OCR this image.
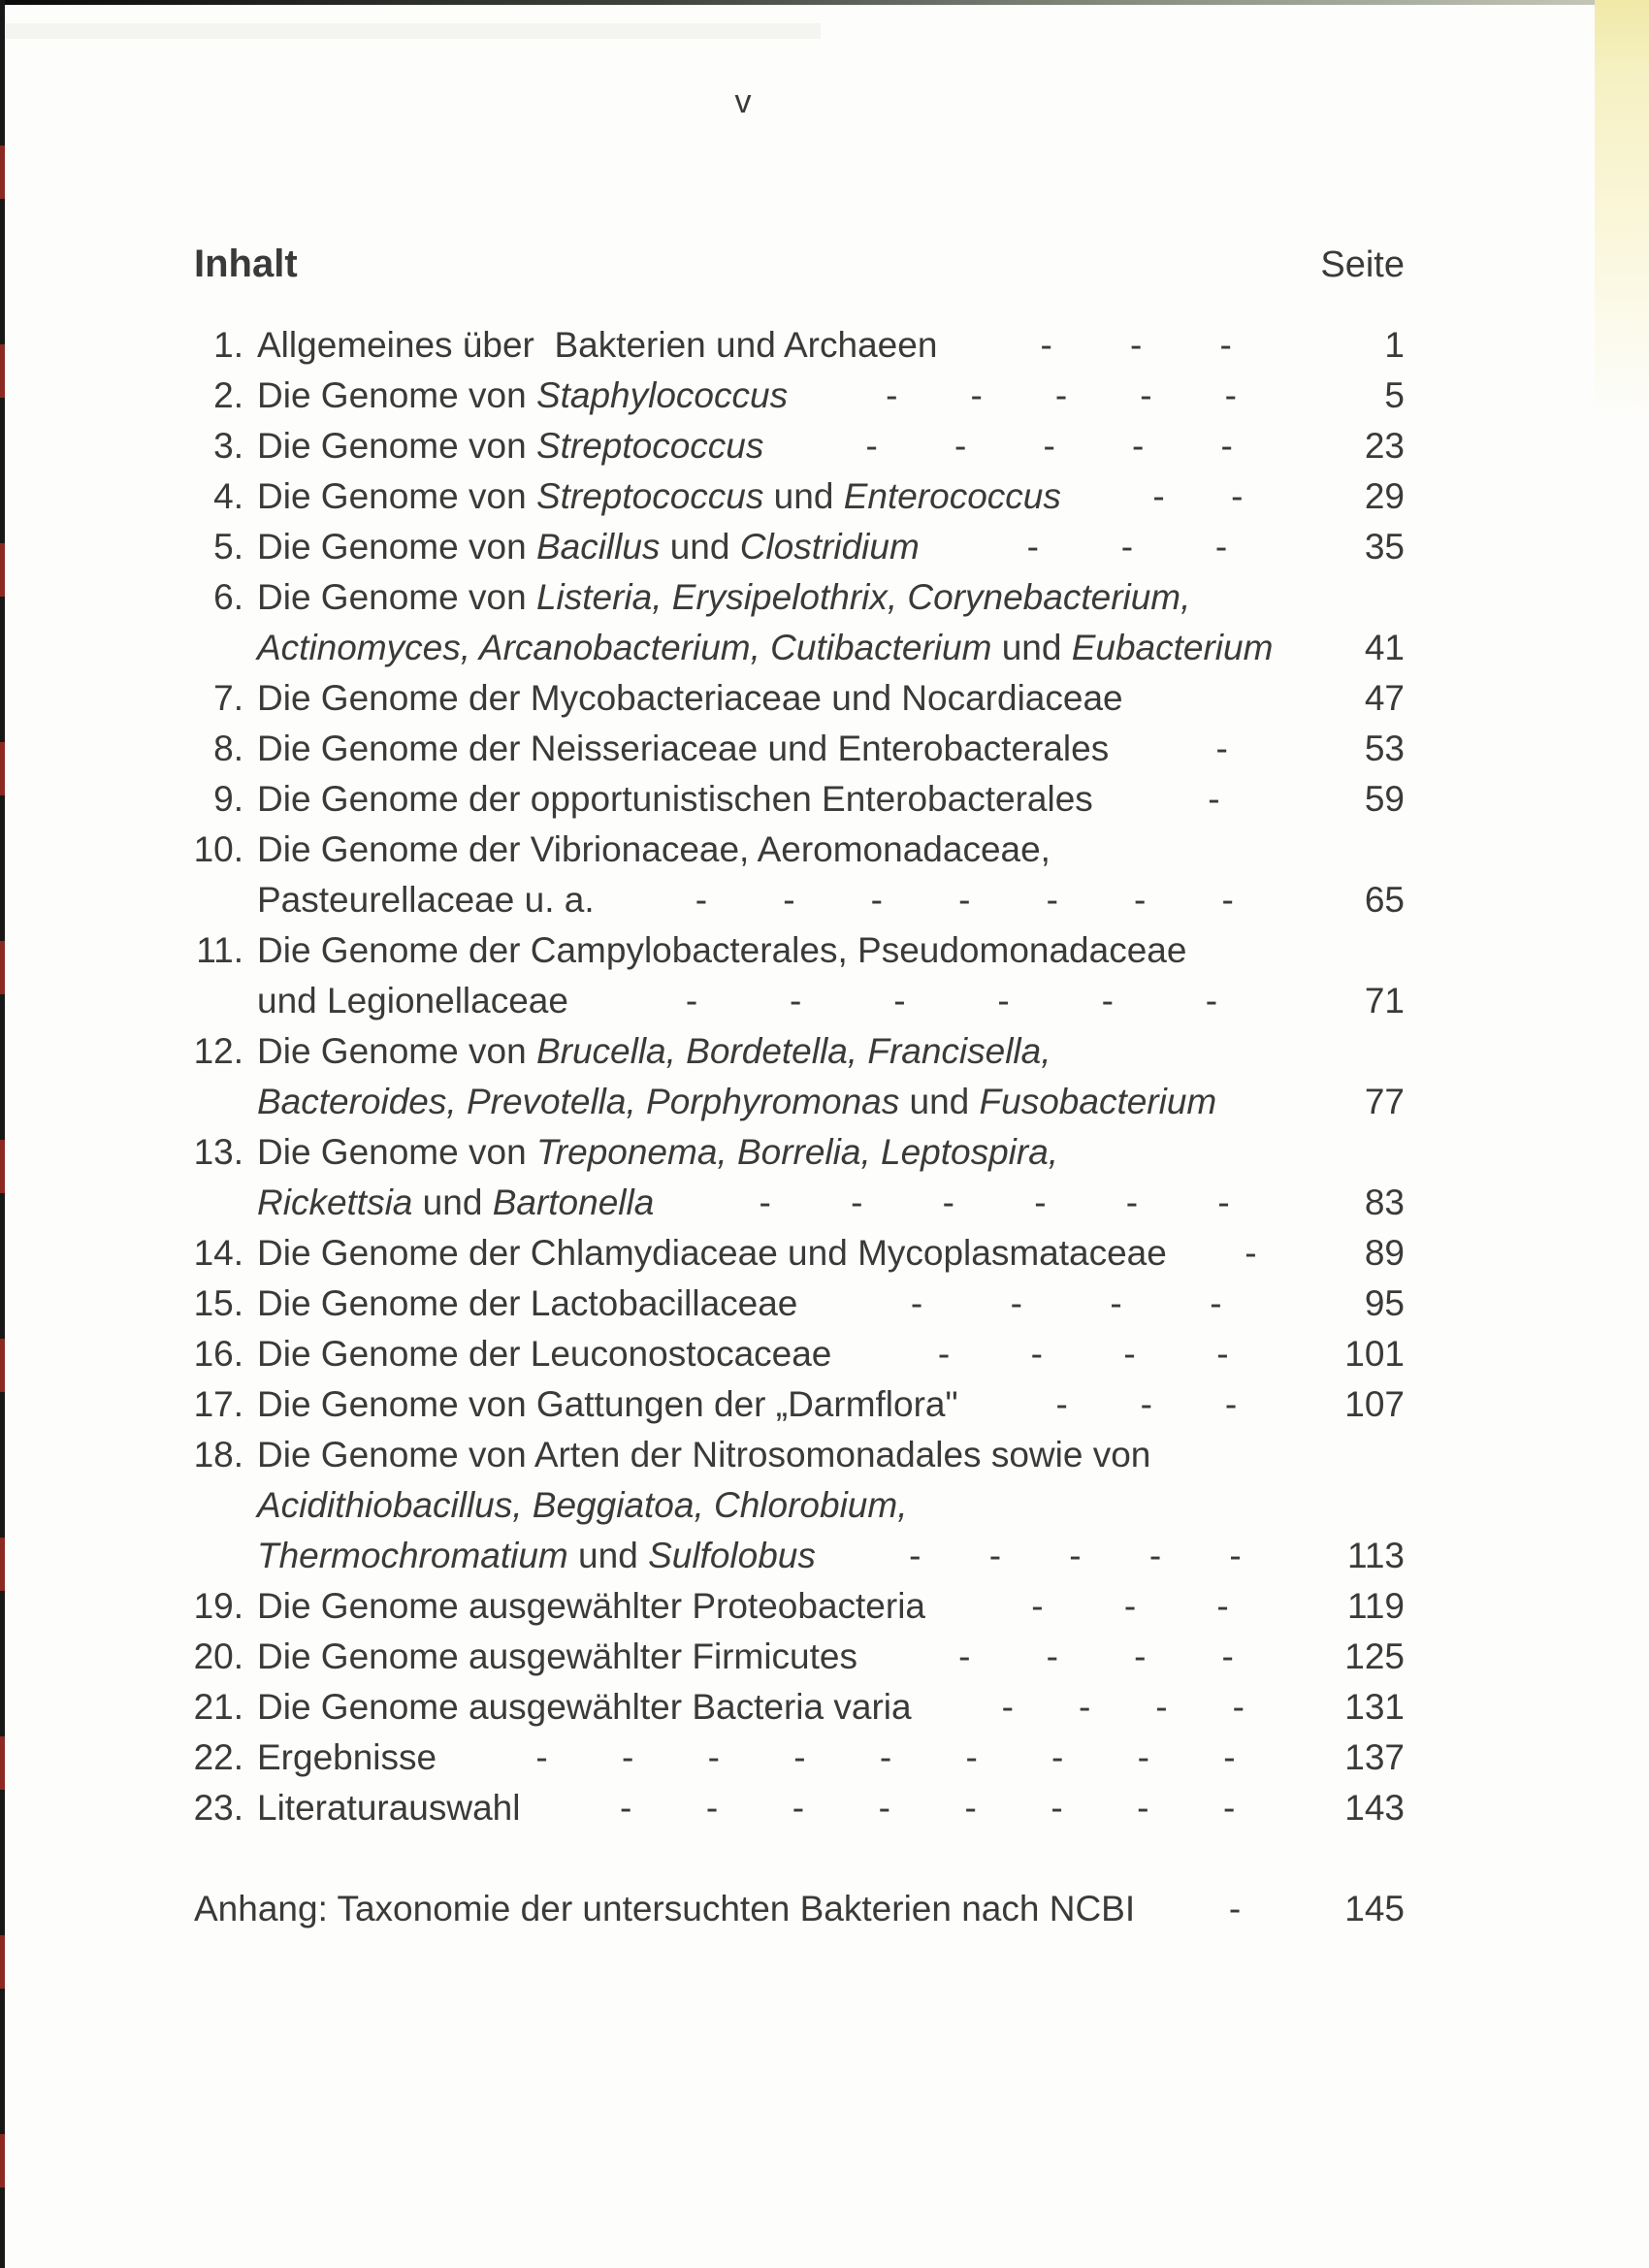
v
Inhalt	Seite
1. Allgemeines über  Bakterien und Archaeen	- - -	1
2. Die Genome von Staphylococcus	- - - - -	5
3. Die Genome von Streptococcus	- - - - -	23
4. Die Genome von Streptococcus und Enterococcus	- -	29
5. Die Genome von Bacillus und Clostridium	- - -	35
6. Die Genome von Listeria, Erysipelothrix, Corynebacterium,
Actinomyces, Arcanobacterium, Cutibacterium und Eubacterium	41
7. Die Genome der Mycobacteriaceae und Nocardiaceae	47
8. Die Genome der Neisseriaceae und Enterobacterales	-	53
9. Die Genome der opportunistischen Enterobacterales	-	59
10. Die Genome der Vibrionaceae, Aeromonadaceae,
Pasteurellaceae u. a.	- - - - - - -	65
11. Die Genome der Campylobacterales, Pseudomonadaceae
und Legionellaceae	-	-	-	-	-	-	71
12. Die Genome von Brucella, Bordetella, Francisella,
Bacteroides, Prevotella, Porphyromonas und Fusobacterium	77
13. Die Genome von Treponema, Borrelia, Leptospira,
Rickettsia und Bartonella	- - - - - -	83
14. Die Genome der Chlamydiaceae und Mycoplasmataceae -	89
15. Die Genome der Lactobacillaceae	- - - -	95
16. Die Genome der Leuconostocaceae	- - - -	101
17. Die Genome von Gattungen der „Darmflora"	- - -	107
18. Die Genome von Arten der Nitrosomonadales sowie von
Acidithiobacillus, Beggiatoa, Chlorobium,
Thermochromatium und Sulfolobus	- - - - -	113
19. Die Genome ausgewählter Proteobacteria	- - -	119
20. Die Genome ausgewählter Firmicutes	- - - -	125
21. Die Genome ausgewählter Bacteria varia	- - - -	131
22. Ergebnisse	- - - - - - - - -	137
23. Literaturauswahl	- - - - - - - -	143
Anhang: Taxonomie der untersuchten Bakterien nach NCBI	-	145
